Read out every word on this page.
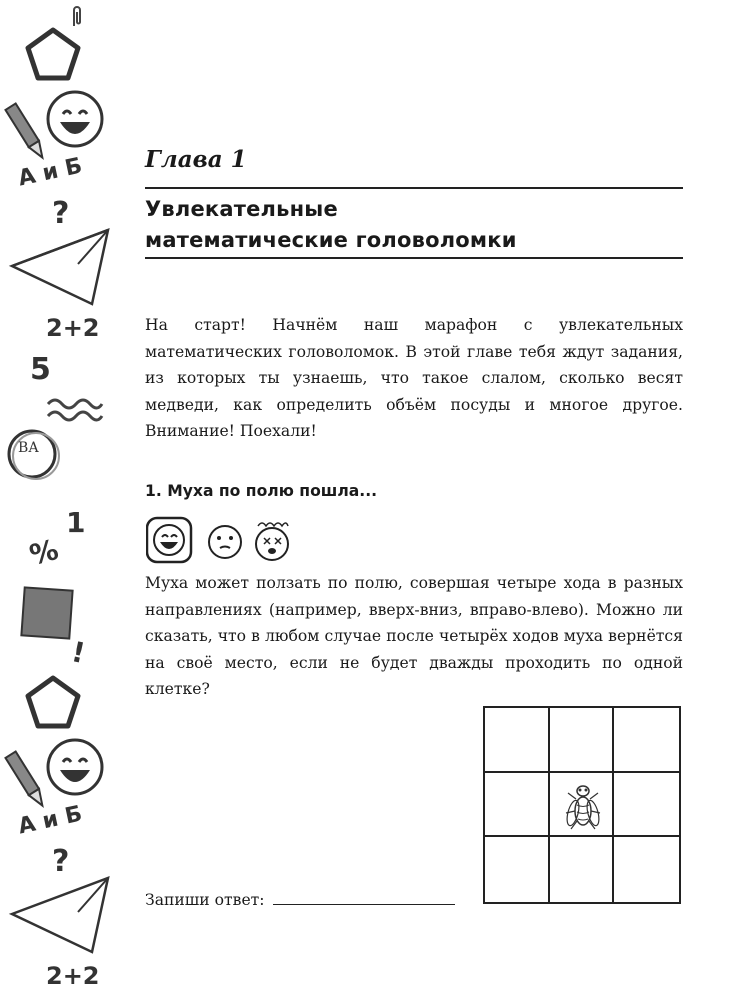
А и Б
?
2+2
5
ВА
%
1
!
А и Б
?
2+2
Глава 1
Увлекательные
математические головоломки
На старт! Начнём наш марафон с увлекательных математических головоломок. В этой главе тебя ждут задания, из которых ты узнаешь, что такое слалом, сколько весят медведи, как определить объём посуды и многое другое. Внимание! Поехали!
1. Муха по полю пошла...
Муха может ползать по полю, совершая четыре хода в разных направлениях (например, вверх-вниз, вправо-влево). Можно ли сказать, что в любом случае после четырёх ходов муха вернётся на своё место, если не будет дважды проходить по одной клетке?
Запиши ответ:
